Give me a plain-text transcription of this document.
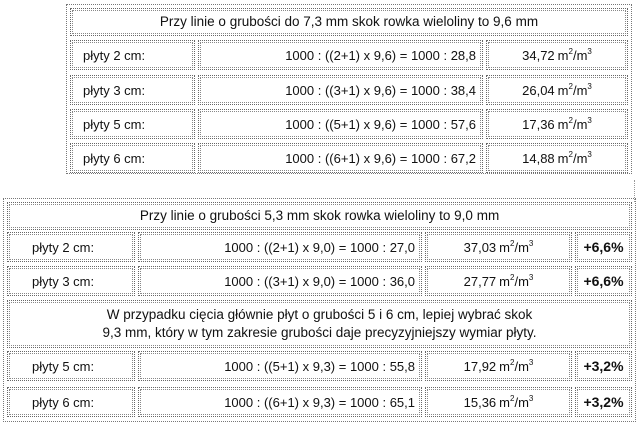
Przy linie o grubości do 7,3 mm skok rowka wieloliny to 9,6 mm
płyty 2 cm:	1000 : ((2+1) x 9,6) = 1000 : 28,8	34,72 $m^2/m^3$
płyty 3 cm:	1000 : ((3+1) x 9,6) = 1000 : 38,4	26,04 $m^2/m^3$
płyty 5 cm:	1000 : ((5+1) x 9,6) = 1000 : 57,6	17,36 $m^2/m^3$
płyty 6 cm:	1000 : ((6+1) x 9,6) = 1000 : 67,2	14,88 $m^2/m^3$
Przy linie o grubości 5,3 mm skok rowka wieloliny to 9,0 mm
płyty 2 cm:	1000 : ((2+1) x 9,0) = 1000 : 27,0	37,03 $m^2/m^3$	+6,6%
płyty 3 cm:	1000 : ((3+1) x 9,0) = 1000 : 36,0	27,77 $m^2/m^3$	+6,6%
W przypadku cięcia głównie płyt o grubości 5 i 6 cm, lepiej wybrać skok
9,3 mm, który w tym zakresie grubości daje precyzyjniejszy wymiar płyty.
płyty 5 cm:	1000 : ((5+1) x 9,3) = 1000 : 55,8	17,92 $m^2/m^3$	+3,2%
płyty 6 cm:	1000 : ((6+1) x 9,3) = 1000 : 65,1	15,36 $m^2/m^3$	+3,2%
